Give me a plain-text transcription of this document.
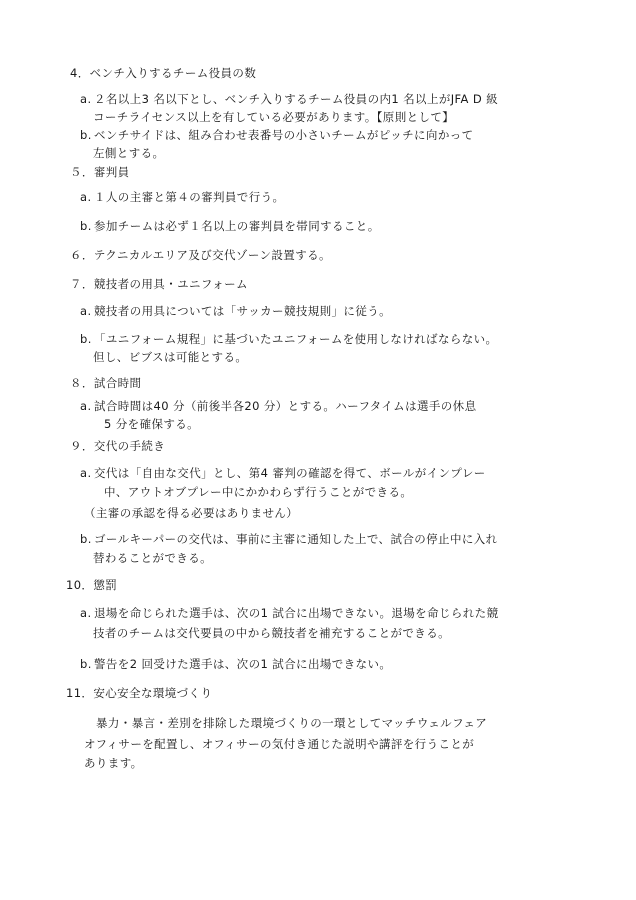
4．ベンチ入りするチーム役員の数
a. ２名以上3 名以下とし、ベンチ入りするチーム役員の内1 名以上がJFA D 級
コーチライセンス以上を有している必要があります。【原則として】
b. ベンチサイドは、組み合わせ表番号の小さいチームがピッチに向かって
左側とする。
５．審判員
a. １人の主審と第４の審判員で行う。
b. 参加チームは必ず１名以上の審判員を帯同すること。
６．テクニカルエリア及び交代ゾーン設置する。
７．競技者の用具・ユニフォーム
a. 競技者の用具については「サッカー競技規則」に従う。
b. 「ユニフォーム規程」に基づいたユニフォームを使用しなければならない。
但し、ビブスは可能とする。
８．試合時間
a. 試合時間は40 分（前後半各20 分）とする。ハーフタイムは選手の休息
5 分を確保する。
９．交代の手続き
a. 交代は「自由な交代」とし、第4 審判の確認を得て、ボールがインプレー
中、アウトオブプレー中にかかわらず行うことができる。
（主審の承認を得る必要はありません）
b. ゴールキーパーの交代は、事前に主審に通知した上で、試合の停止中に入れ
替わることができる。
10．懲罰
a. 退場を命じられた選手は、次の1 試合に出場できない。退場を命じられた競
技者のチームは交代要員の中から競技者を補充することができる。
b. 警告を2 回受けた選手は、次の1 試合に出場できない。
11．安心安全な環境づくり
暴力・暴言・差別を排除した環境づくりの一環としてマッチウェルフェア
オフィサーを配置し、オフィサーの気付き通じた説明や講評を行うことが
あります。
